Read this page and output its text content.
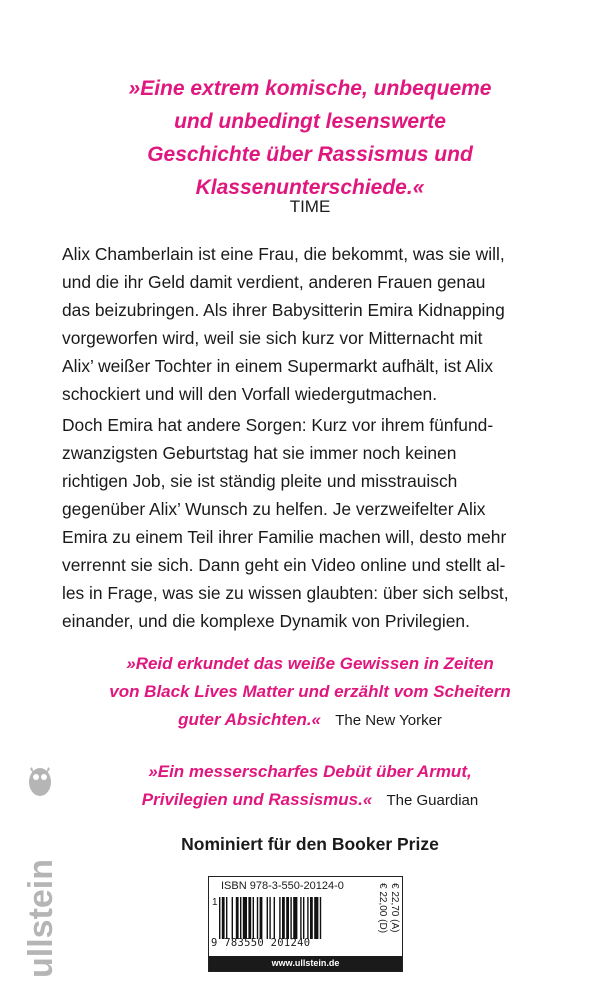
»Eine extrem komische, unbequeme
und unbedingt lesenswerte
Geschichte über Rassismus und
Klassenunterschiede.«
TIME
Alix Chamberlain ist eine Frau, die bekommt, was sie will,
und die ihr Geld damit verdient, anderen Frauen genau
das beizubringen. Als ihrer Babysitterin Emira Kidnapping
vorgeworfen wird, weil sie sich kurz vor Mitternacht mit
Alix’ weißer Tochter in einem Supermarkt aufhält, ist Alix
schockiert und will den Vorfall wiedergutmachen.
Doch Emira hat andere Sorgen: Kurz vor ihrem fünfund-
zwanzigsten Geburtstag hat sie immer noch keinen
richtigen Job, sie ist ständig pleite und misstrauisch
gegenüber Alix’ Wunsch zu helfen. Je verzweifelter Alix
Emira zu einem Teil ihrer Familie machen will, desto mehr
verrennt sie sich. Dann geht ein Video online und stellt al-
les in Frage, was sie zu wissen glaubten: über sich selbst,
einander, und die komplexe Dynamik von Privilegien.
»Reid erkundet das weiße Gewissen in Zeiten
von Black Lives Matter und erzählt vom Scheitern
guter Absichten.« The New Yorker
»Ein messerscharfes Debüt über Armut,
Privilegien und Rassismus.« The Guardian
Nominiert für den Booker Prize
ullstein	ISBN 978-3-550-20124-0
1
9 783550 201240
€ 22,00 (D) € 22,70 (A)
www.ullstein.de
